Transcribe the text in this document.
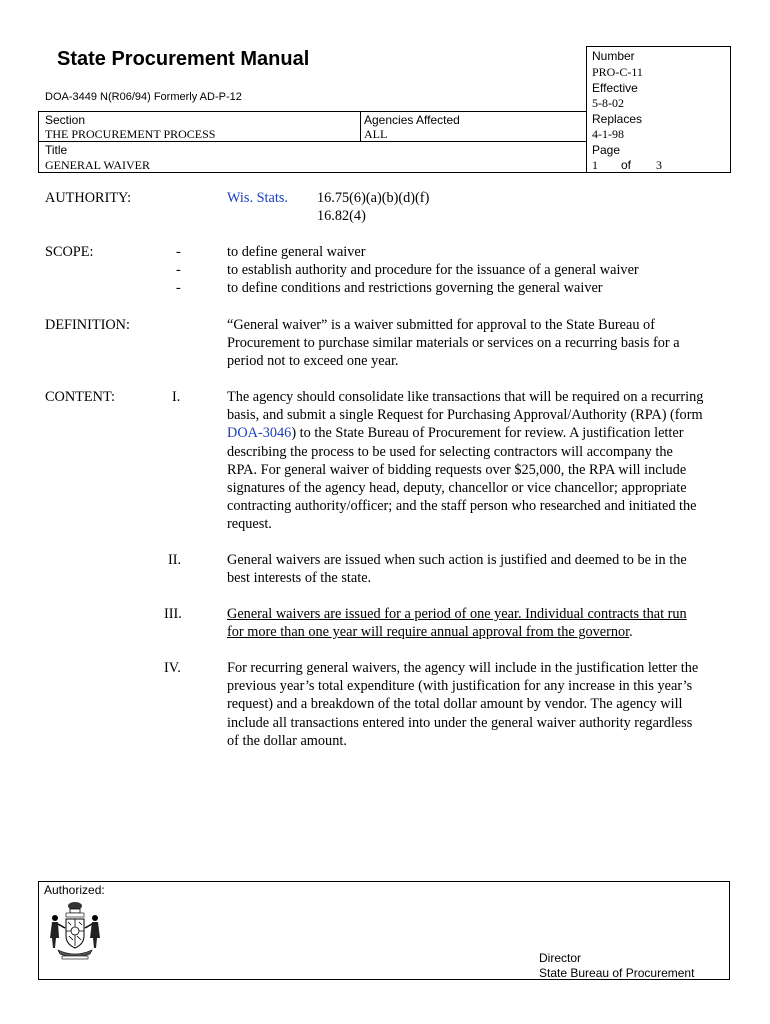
State Procurement Manual
DOA-3449 N(R06/94) Formerly AD-P-12
Section
THE PROCUREMENT PROCESS
Agencies Affected
ALL
Title
GENERAL WAIVER
Number
PRO-C-11
Effective
5-8-02
Replaces
4-1-98
Page
1 of 3
AUTHORITY:	Wis. Stats. 16.75(6)(a)(b)(d)(f)
16.82(4)
SCOPE:	-
-
-
to define general waiver
to establish authority and procedure for the issuance of a general waiver
to define conditions and restrictions governing the general waiver
DEFINITION:	“General waiver” is a waiver submitted for approval to the State Bureau of
Procurement to purchase similar materials or services on a recurring basis for a
period not to exceed one year.
CONTENT:	I.	The agency should consolidate like transactions that will be required on a recurring
basis, and submit a single Request for Purchasing Approval/Authority (RPA) (form
DOA-3046) to the State Bureau of Procurement for review. A justification letter
describing the process to be used for selecting contractors will accompany the
RPA. For general waiver of bidding requests over $25,000, the RPA will include
signatures of the agency head, deputy, chancellor or vice chancellor; appropriate
contracting authority/officer; and the staff person who researched and initiated the
request.
II.	General waivers are issued when such action is justified and deemed to be in the
best interests of the state.
III.	General waivers are issued for a period of one year. Individual contracts that run
for more than one year will require annual approval from the governor.
IV.	For recurring general waivers, the agency will include in the justification letter the
previous year’s total expenditure (with justification for any increase in this year’s
request) and a breakdown of the total dollar amount by vendor. The agency will
include all transactions entered into under the general waiver authority regardless
of the dollar amount.
Authorized:
Director
State Bureau of Procurement
